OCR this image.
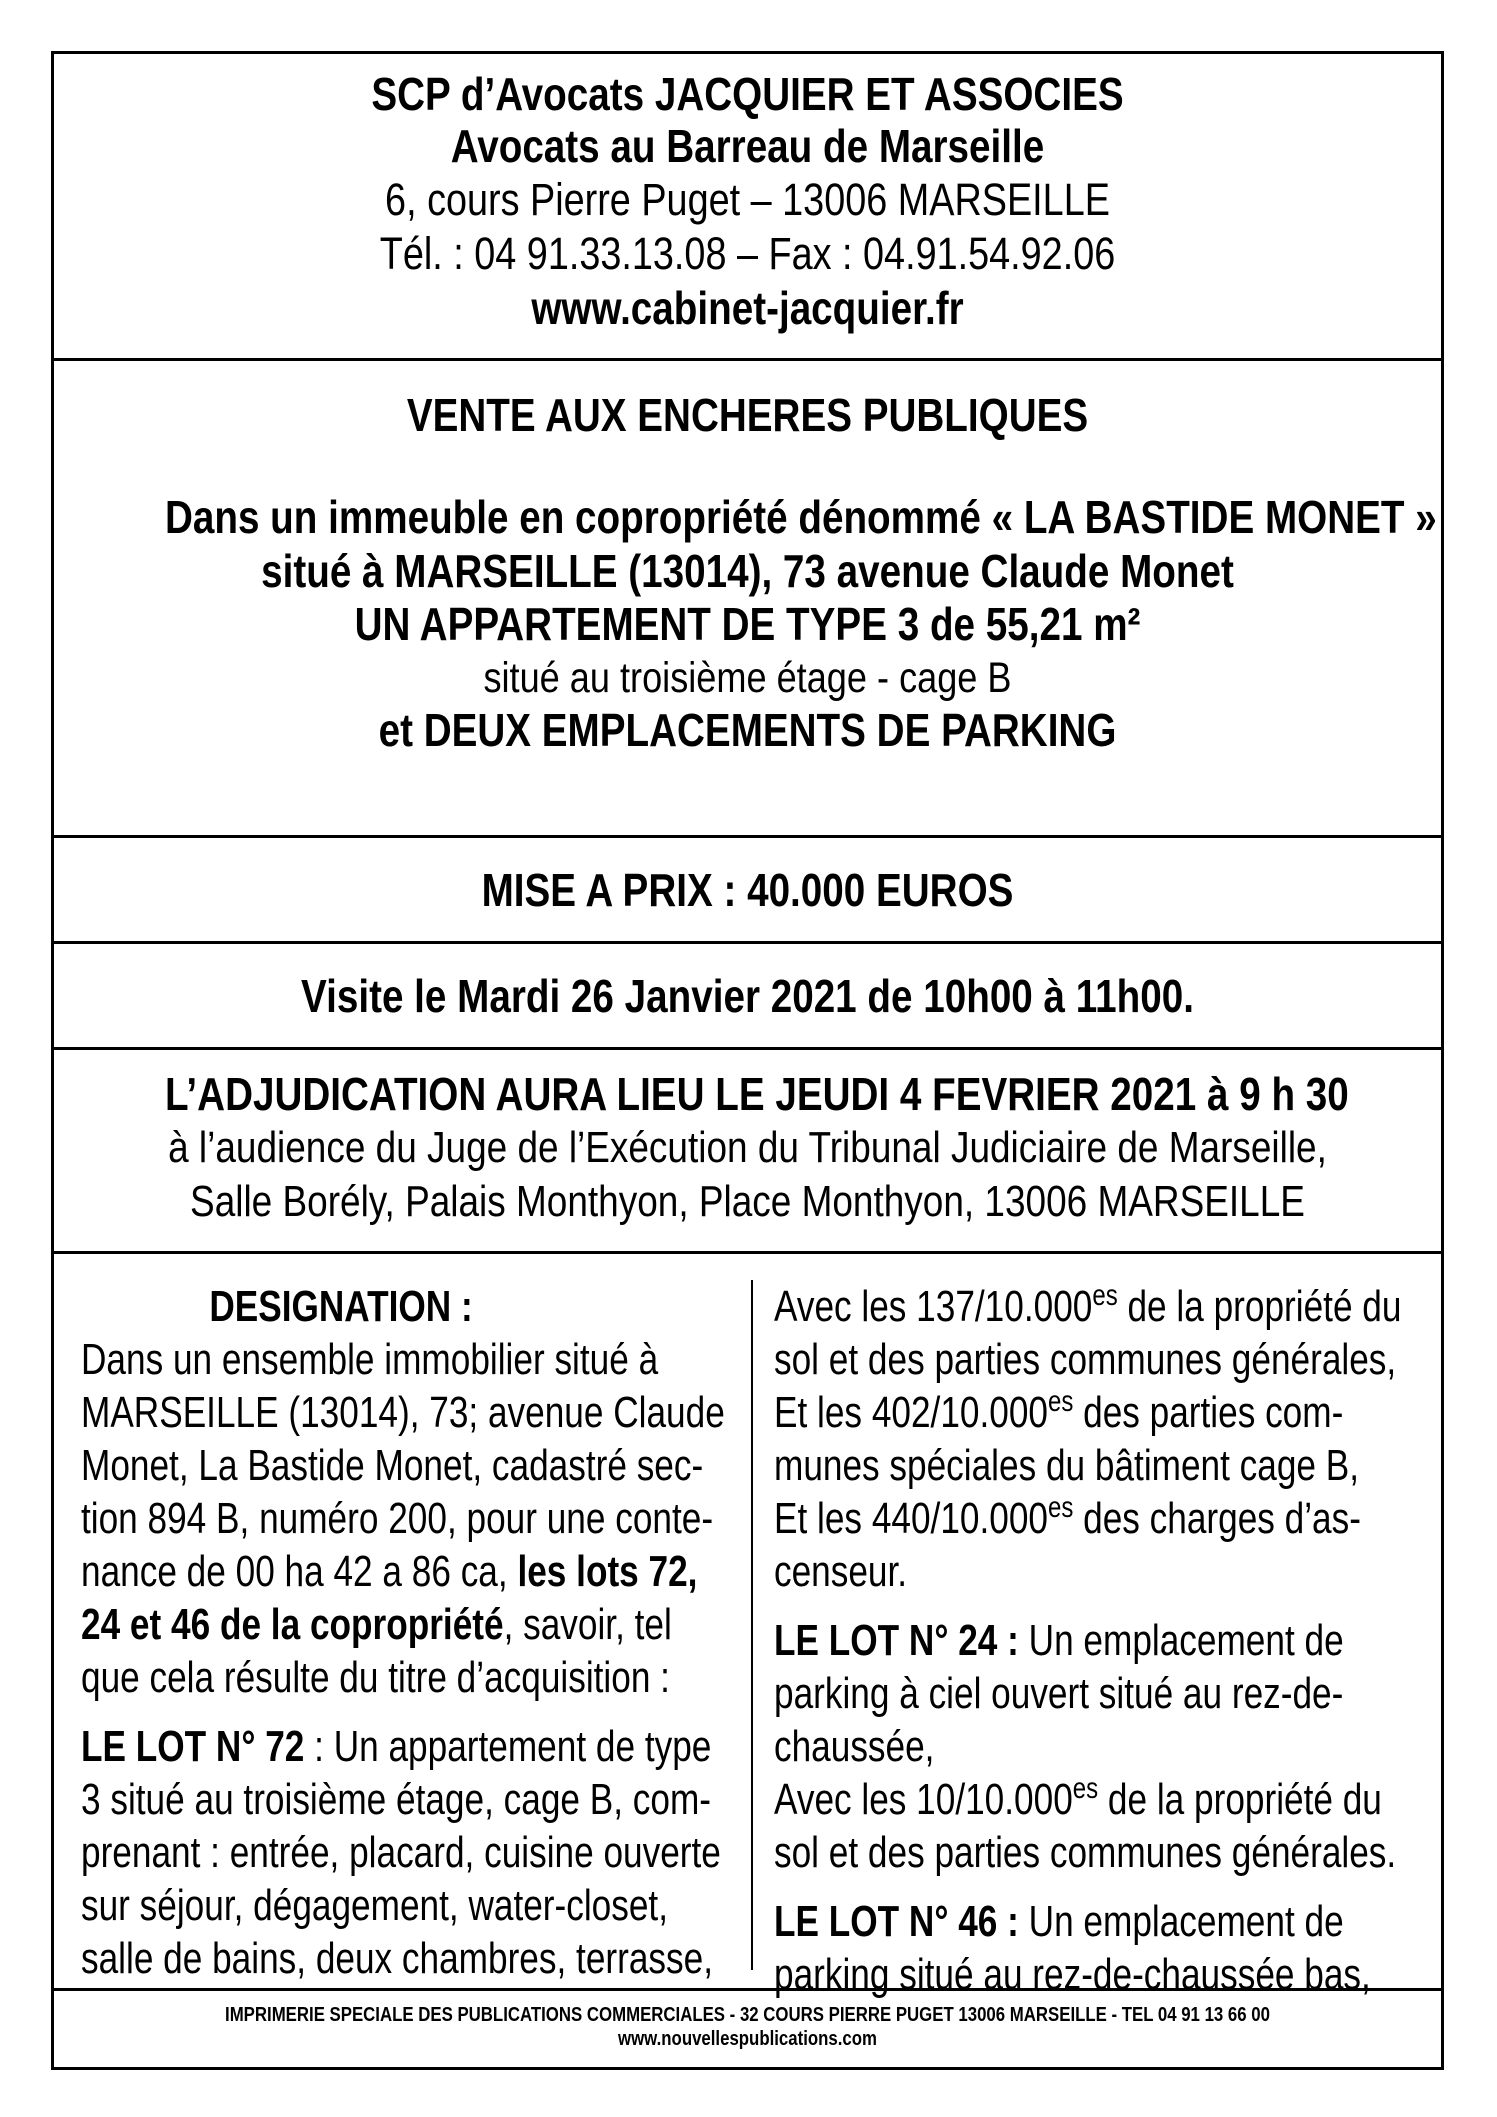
SCP d’Avocats JACQUIER ET ASSOCIES
Avocats au Barreau de Marseille
6, cours Pierre Puget – 13006 MARSEILLE
Tél. : 04 91.33.13.08 – Fax : 04.91.54.92.06
www.cabinet-jacquier.fr
VENTE AUX ENCHERES PUBLIQUES
Dans un immeuble en copropriété dénommé « LA BASTIDE MONET »
situé à MARSEILLE (13014), 73 avenue Claude Monet
UN APPARTEMENT DE TYPE 3 de 55,21 m²
situé au troisième étage - cage B
et DEUX EMPLACEMENTS DE PARKING
MISE A PRIX : 40.000 EUROS
Visite le Mardi 26 Janvier 2021 de 10h00 à 11h00.
L’ADJUDICATION AURA LIEU LE JEUDI 4 FEVRIER 2021 à 9 h 30
à l’audience du Juge de l’Exécution du Tribunal Judiciaire de Marseille,
Salle Borély, Palais Monthyon, Place Monthyon, 13006 MARSEILLE
DESIGNATION :
Dans un ensemble immobilier situé à
MARSEILLE (13014), 73; avenue Claude
Monet, La Bastide Monet, cadastré sec-
tion 894 B, numéro 200, pour une conte-
nance de 00 ha 42 a 86 ca, les lots 72,
24 et 46 de la copropriété, savoir, tel
que cela résulte du titre d’acquisition :
LE LOT N° 72 : Un appartement de type
3 situé au troisième étage, cage B, com-
prenant : entrée, placard, cuisine ouverte
sur séjour, dégagement, water-closet,
salle de bains, deux chambres, terrasse,
Avec les $137/10.000^{es}$ de la propriété du
sol et des parties communes générales,
Et les $402/10.000^{es}$ des parties com-
munes spéciales du bâtiment cage B,
Et les $440/10.000^{es}$ des charges d’as-
censeur.
LE LOT N° 24 : Un emplacement de
parking à ciel ouvert situé au rez-de-
chaussée,
Avec les $10/10.000^{es}$ de la propriété du
sol et des parties communes générales.
LE LOT N° 46 : Un emplacement de
parking situé au rez-de-chaussée bas,
IMPRIMERIE SPECIALE DES PUBLICATIONS COMMERCIALES - 32 COURS PIERRE PUGET 13006 MARSEILLE - TEL 04 91 13 66 00
www.nouvellespublications.com
